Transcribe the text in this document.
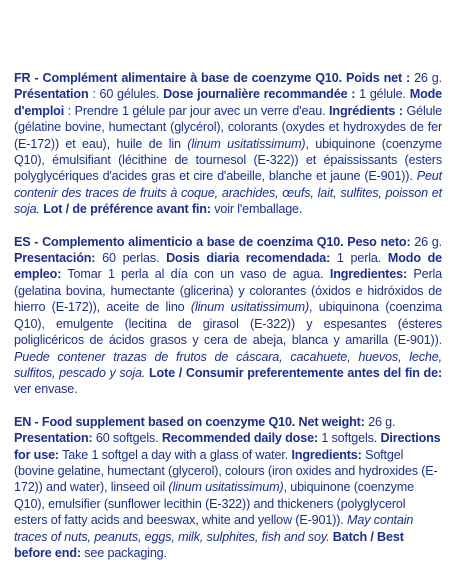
FR - Complément alimentaire à base de coenzyme Q10. Poids net : 26 g. Présentation : 60 gélules. Dose journalière recommandée : 1 gélule. Mode d'emploi : Prendre 1 gélule par jour avec un verre d'eau. Ingrédients : Gélule (gélatine bovine, humectant (glycérol), colorants (oxydes et hydroxydes de fer (E-172)) et eau), huile de lin (linum usitatissimum), ubiquinone (coenzyme Q10), émulsifiant (lécithine de tournesol (E-322)) et épaississants (esters polyglycériques d'acides gras et cire d'abeille, blanche et jaune (E-901)). Peut contenir des traces de fruits à coque, arachides, œufs, lait, sulfites, poisson et soja. Lot / de préférence avant fin: voir l'emballage.

ES - Complemento alimenticio a base de coenzima Q10. Peso neto: 26 g. Presentación: 60 perlas. Dosis diaria recomendada: 1 perla. Modo de empleo: Tomar 1 perla al día con un vaso de agua. Ingredientes: Perla (gelatina bovina, humectante (glicerina) y colorantes (óxidos e hidróxidos de hierro (E-172)), aceite de lino (linum usitatissimum), ubiquinona (coenzima Q10), emulgente (lecitina de girasol (E-322)) y espesantes (ésteres poliglicéricos de ácidos grasos y cera de abeja, blanca y amarilla (E-901)). Puede contener trazas de frutos de cáscara, cacahuete, huevos, leche, sulfitos, pescado y soja. Lote / Consumir preferentemente antes del fin de: ver envase.

EN - Food supplement based on coenzyme Q10. Net weight: 26 g. Presentation: 60 softgels. Recommended daily dose: 1 softgels. Directions for use: Take 1 softgel a day with a glass of water. Ingredients: Softgel (bovine gelatine, humectant (glycerol), colours (iron oxides and hydroxides (E-172)) and water), linseed oil (linum usitatissimum), ubiquinone (coenzyme Q10), emulsifier (sunflower lecithin (E-322)) and thickeners (polyglycerol esters of fatty acids and beeswax, white and yellow (E-901)). May contain traces of nuts, peanuts, eggs, milk, sulphites, fish and soy. Batch / Best before end: see packaging.
